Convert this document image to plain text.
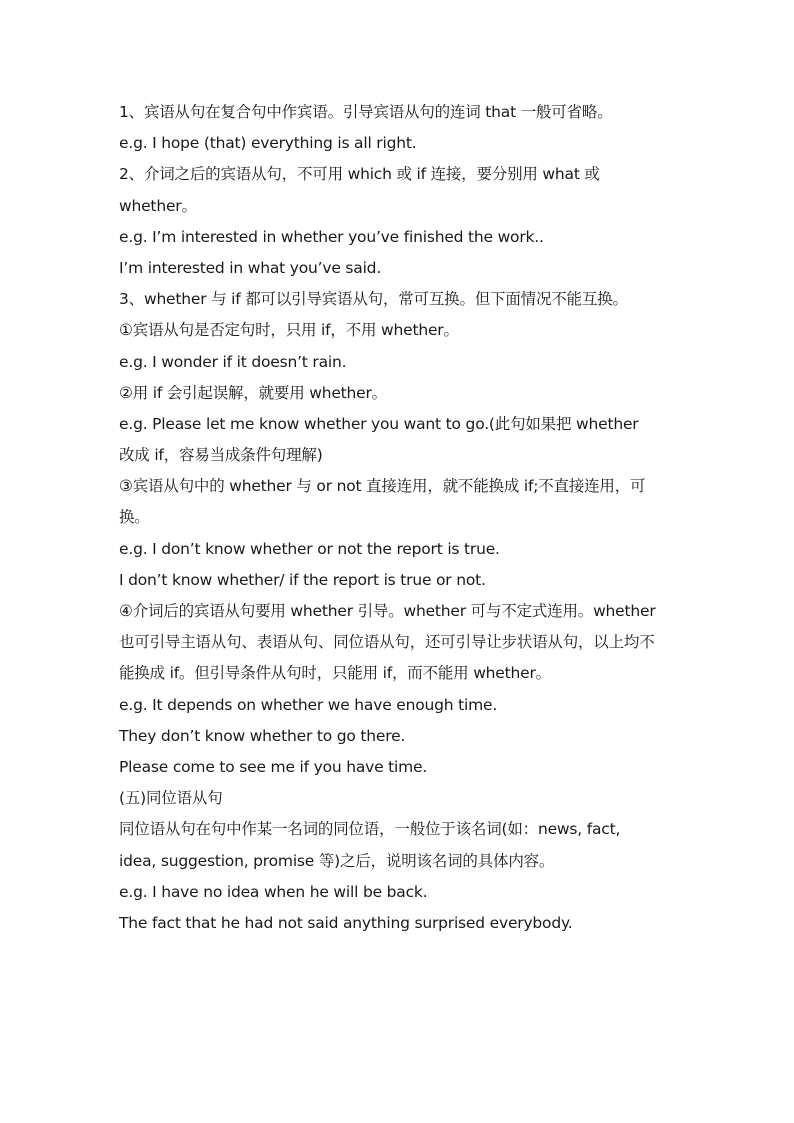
1、宾语从句在复合句中作宾语。引导宾语从句的连词 that 一般可省略。
e.g. I hope (that) everything is all right.
2、介词之后的宾语从句，不可用 which 或 if 连接，要分别用 what 或
whether。
e.g. I’m interested in whether you’ve finished the work..
I’m interested in what you’ve said.
3、whether 与 if 都可以引导宾语从句，常可互换。但下面情况不能互换。
①宾语从句是否定句时，只用 if，不用 whether。
e.g. I wonder if it doesn’t rain.
②用 if 会引起误解，就要用 whether。
e.g. Please let me know whether you want to go.(此句如果把 whether
改成 if，容易当成条件句理解)
③宾语从句中的 whether 与 or not 直接连用，就不能换成 if;不直接连用，可
换。
e.g. I don’t know whether or not the report is true.
I don’t know whether/ if the report is true or not.
④介词后的宾语从句要用 whether 引导。whether 可与不定式连用。whether
也可引导主语从句、表语从句、同位语从句，还可引导让步状语从句，以上均不
能换成 if。但引导条件从句时，只能用 if，而不能用 whether。
e.g. It depends on whether we have enough time.
They don’t know whether to go there.
Please come to see me if you have time.
(五)同位语从句
同位语从句在句中作某一名词的同位语，一般位于该名词(如：news, fact,
idea, suggestion, promise 等)之后，说明该名词的具体内容。
e.g. I have no idea when he will be back.
The fact that he had not said anything surprised everybody.
